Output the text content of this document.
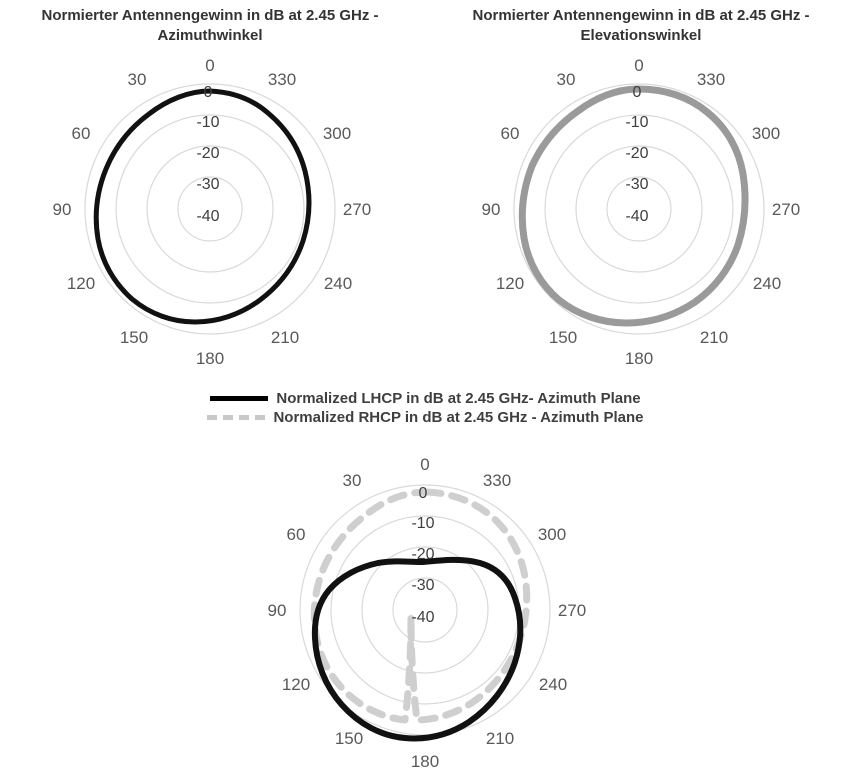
Normierter Antennengewinn in dB at 2.45 GHz -
Azimuthwinkel
0
330
300
270
240
210
180
150
120
90
60
30
0
-10
-20
-30
-40
Normierter Antennengewinn in dB at 2.45 GHz -
Elevationswinkel
0
330
300
270
240
210
180
150
120
90
60
30
0
-10
-20
-30
-40
Normalized LHCP in dB at 2.45 GHz- Azimuth Plane
Normalized RHCP in dB at 2.45 GHz - Azimuth Plane
0
330
300
270
240
210
180
150
120
90
60
30
0
-10
-20
-30
-40
